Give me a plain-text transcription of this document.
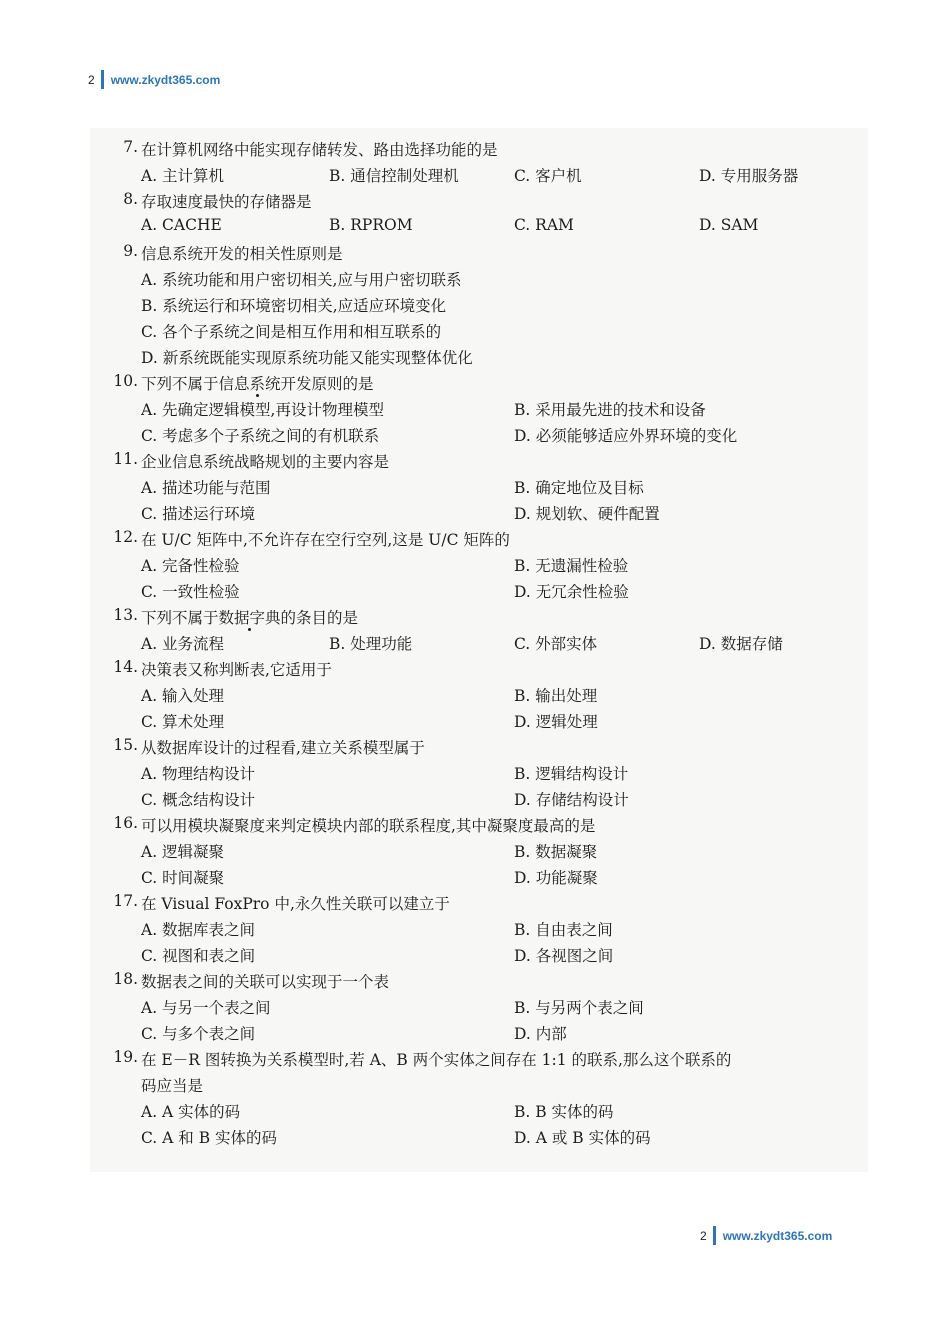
2 www.zkydt365.com
7. 在计算机网络中能实现存储转发、路由选择功能的是
A. 主计算机	B. 通信控制处理机	C. 客户机	D. 专用服务器
8. 存取速度最快的存储器是
A. CACHE	B. RPROM	C. RAM	D. SAM
9. 信息系统开发的相关性原则是
A. 系统功能和用户密切相关,应与用户密切联系
B. 系统运行和环境密切相关,应适应环境变化
C. 各个子系统之间是相互作用和相互联系的
D. 新系统既能实现原系统功能又能实现整体优化
10. 下列不属于信息系统开发原则的是
A. 先确定逻辑模型,再设计物理模型	B. 采用最先进的技术和设备
C. 考虑多个子系统之间的有机联系	D. 必须能够适应外界环境的变化
11. 企业信息系统战略规划的主要内容是
A. 描述功能与范围	B. 确定地位及目标
C. 描述运行环境	D. 规划软、硬件配置
12. 在 U/C 矩阵中,不允许存在空行空列,这是 U/C 矩阵的
A. 完备性检验	B. 无遗漏性检验
C. 一致性检验	D. 无冗余性检验
13. 下列不属于数据字典的条目的是
A. 业务流程	B. 处理功能	C. 外部实体	D. 数据存储
14. 决策表又称判断表,它适用于
A. 输入处理	B. 输出处理
C. 算术处理	D. 逻辑处理
15. 从数据库设计的过程看,建立关系模型属于
A. 物理结构设计	B. 逻辑结构设计
C. 概念结构设计	D. 存储结构设计
16. 可以用模块凝聚度来判定模块内部的联系程度,其中凝聚度最高的是
A. 逻辑凝聚	B. 数据凝聚
C. 时间凝聚	D. 功能凝聚
17. 在 Visual FoxPro 中,永久性关联可以建立于
A. 数据库表之间	B. 自由表之间
C. 视图和表之间	D. 各视图之间
18. 数据表之间的关联可以实现于一个表
A. 与另一个表之间	B. 与另两个表之间
C. 与多个表之间	D. 内部
19. 在 E－R 图转换为关系模型时,若 A、B 两个实体之间存在 1:1 的联系,那么这个联系的
码应当是
A. A 实体的码	B. B 实体的码
C. A 和 B 实体的码	D. A 或 B 实体的码
2 www.zkydt365.com
